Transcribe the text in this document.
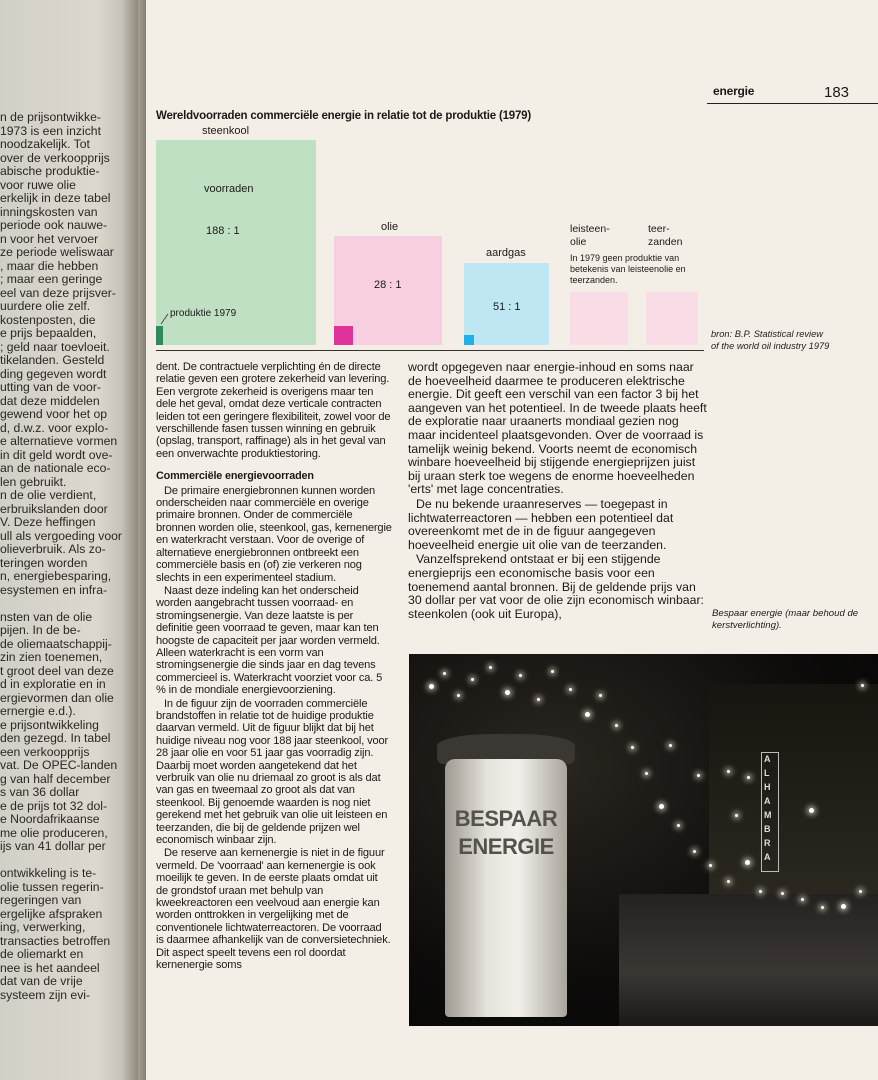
n de prijsontwikke-
1973 is een inzicht
noodzakelijk. Tot
over de verkoopprijs
abische produktie-
voor ruwe olie
erkelijk in deze tabel
inningskosten van
periode ook nauwe-
n voor het vervoer
ze periode weliswaar
, maar die hebben
; maar een geringe
eel van deze prijsver-
uurdere olie zelf.
kostenposten, die
e prijs bepaalden,
; geld naar toevloeit.
tikelanden. Gesteld
ding gegeven wordt
utting van de voor-
dat deze middelen
gewend voor het op
d, d.w.z. voor explo-
e alternatieve vormen
in dit geld wordt ove-
an de nationale eco-
len gebruikt.
n de olie verdient,
erbruikslanden door
V. Deze heffingen
ull als vergoeding voor
olieverbruik. Als zo-
teringen worden
n, energiebesparing,
esystemen en infra-
nsten van de olie
pijen. In de be-
de oliemaatschappij-
zin zien toenemen,
t groot deel van deze
d in exploratie en in
ergievormen dan olie
ernergie e.d.).
e prijsontwikkeling
den gezegd. In tabel
een verkoopprijs
vat. De OPEC-landen
g van half december
s van 36 dollar
e de prijs tot 32 dol-
e Noordafrikaanse
me olie produceren,
ijs van 41 dollar per
ontwikkeling is te-
olie tussen regerin-
regeringen van
ergelijke afspraken
ing, verwerking,
transacties betroffen
de oliemarkt en
nee is het aandeel
dat van de vrije
systeem zijn evi-
energie	183
Wereldvoorraden commerciële energie in relatie tot de produktie (1979)
steenkool
voorraden
188 : 1
produktie 1979
olie
28 : 1
aardgas
51 : 1
leisteen-
olie
teer-
zanden
In 1979 geen produktie van
betekenis van leisteenolie en
teerzanden.
bron: B.P. Statistical review
of the world oil industry 1979

dent. De contractuele verplichting én de directe relatie geven een grotere zekerheid van levering. Een vergrote zekerheid is overigens maar ten dele het geval, omdat deze verticale contracten leiden tot een geringere flexibiliteit, zowel voor de verschillende fasen tussen winning en gebruik (opslag, transport, raffinage) als in het geval van een onverwachte produktiestoring.

Commerciële energievoorraden

De primaire energiebronnen kunnen worden onderscheiden naar commerciële en overige primaire bronnen. Onder de commerciële bronnen worden olie, steenkool, gas, kernenergie en waterkracht verstaan. Voor de overige of alternatieve energiebronnen ontbreekt een commerciële basis en (of) zie verkeren nog slechts in een experimenteel stadium.

Naast deze indeling kan het onderscheid worden aangebracht tussen voorraad- en stromingsenergie. Van deze laatste is per definitie geen voorraad te geven, maar kan ten hoogste de capaciteit per jaar worden vermeld. Alleen waterkracht is een vorm van stromingsenergie die sinds jaar en dag tevens commercieel is. Waterkracht voorziet voor ca. 5 % in de mondiale energievoorziening.

In de figuur zijn de voorraden commerciële brandstoffen in relatie tot de huidige produktie daarvan vermeld. Uit de figuur blijkt dat bij het huidige niveau nog voor 188 jaar steenkool, voor 28 jaar olie en voor 51 jaar gas voorradig zijn. Daarbij moet worden aangetekend dat het verbruik van olie nu driemaal zo groot is als dat van gas en tweemaal zo groot als dat van steenkool. Bij genoemde waarden is nog niet gerekend met het gebruik van olie uit leisteen en teerzanden, die bij de geldende prijzen wel economisch winbaar zijn.

De reserve aan kernenergie is niet in de figuur vermeld. De 'voorraad' aan kernenergie is ook moeilijk te geven. In de eerste plaats omdat uit de grondstof uraan met behulp van kweekreactoren een veelvoud aan energie kan worden onttrokken in vergelijking met de conventionele lichtwaterreactoren. De voorraad is daarmee afhankelijk van de conversietechniek. Dit aspect speelt tevens een rol doordat kernenergie soms

wordt opgegeven naar energie-inhoud en soms naar de hoeveelheid daarmee te produceren elektrische energie. Dit geeft een verschil van een factor 3 bij het aangeven van het potentieel. In de tweede plaats heeft de exploratie naar uraanerts mondiaal gezien nog maar incidenteel plaatsgevonden. Over de voorraad is tamelijk weinig bekend. Voorts neemt de economisch winbare hoeveelheid bij stijgende energieprijzen juist bij uraan sterk toe wegens de enorme hoeveelheden 'erts' met lage concentraties.

De nu bekende uraanreserves — toegepast in lichtwaterreactoren — hebben een potentieel dat overeenkomt met de in de figuur aangegeven hoeveelheid energie uit olie van de teerzanden.

Vanzelfsprekend ontstaat er bij een stijgende energieprijs een economische basis voor een toenemend aantal bronnen. Bij de geldende prijs van 30 dollar per vat voor de olie zijn economisch winbaar: steenkolen (ook uit Europa),	Bespaar energie (maar behoud de kerstverlichting).
BESPAAR
ENERGIE
A
L
H
A
M
B
R
A
